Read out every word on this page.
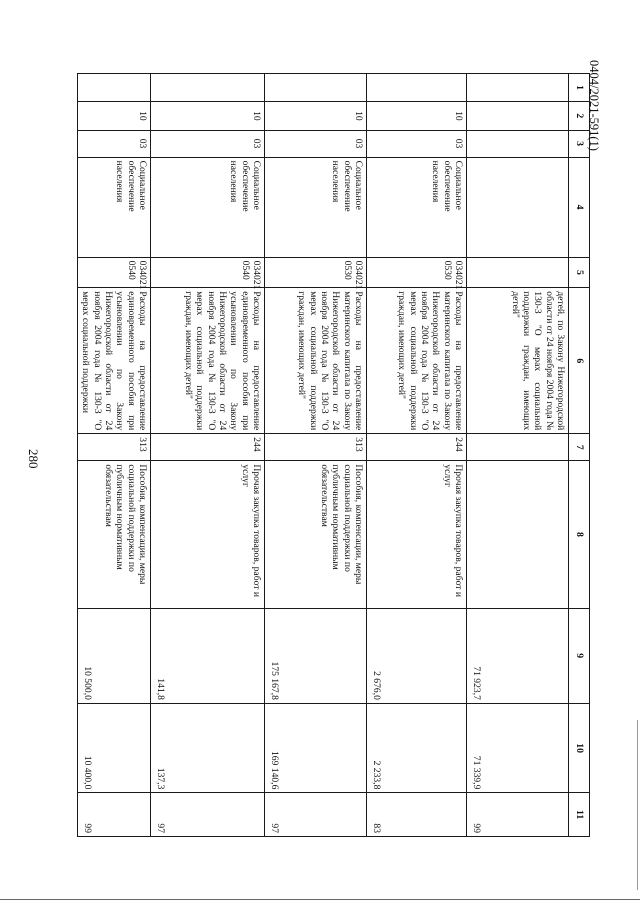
280
0404/2021-591(1)
1	2	3	4	5	6	7	8	9	10	11
					детей, по Закону Нижегородской области от 24 ноября 2004 года № 130-З "О мерах социальной поддержки граждан, имеющих детей"			71 923,7	71 339,9	99
	10	03	Социальное обеспечение населения	034021 0530	Расходы на предоставление материнского капитала по Закону Нижегородской области от 24 ноября 2004 года № 130-З "О мерах социальной поддержки граждан, имеющих детей"	244	Прочая закупка товаров, работ и услуг	2 676,0	2 233,8	83
	10	03	Социальное обеспечение населения	034021 0530	Расходы на предоставление материнского капитала по Закону Нижегородской области от 24 ноября 2004 года № 130-З "О мерах социальной поддержки граждан, имеющих детей"	313	Пособия, компенсации, меры социальной поддержки по публичным нормативным обязательствам	175 167,8	169 140,6	97
	10	03	Социальное обеспечение населения	034021 0540	Расходы на предоставление единовременного пособия при усыновлении по Закону Нижегородской области от 24 ноября 2004 года № 130-З "О мерах социальной поддержки граждан, имеющих детей"	244	Прочая закупка товаров, работ и услуг	141,8	137,3	97
	10	03	Социальное обеспечение населения	034021 0540	Расходы на предоставление единовременного пособия при усыновлении по Закону Нижегородской области от 24 ноября 2004 года № 130-З "О мерах социальной поддержки	313	Пособия, компенсации, меры социальной поддержки по публичным нормативным обязательствам	10 500,0	10 400,0	99
